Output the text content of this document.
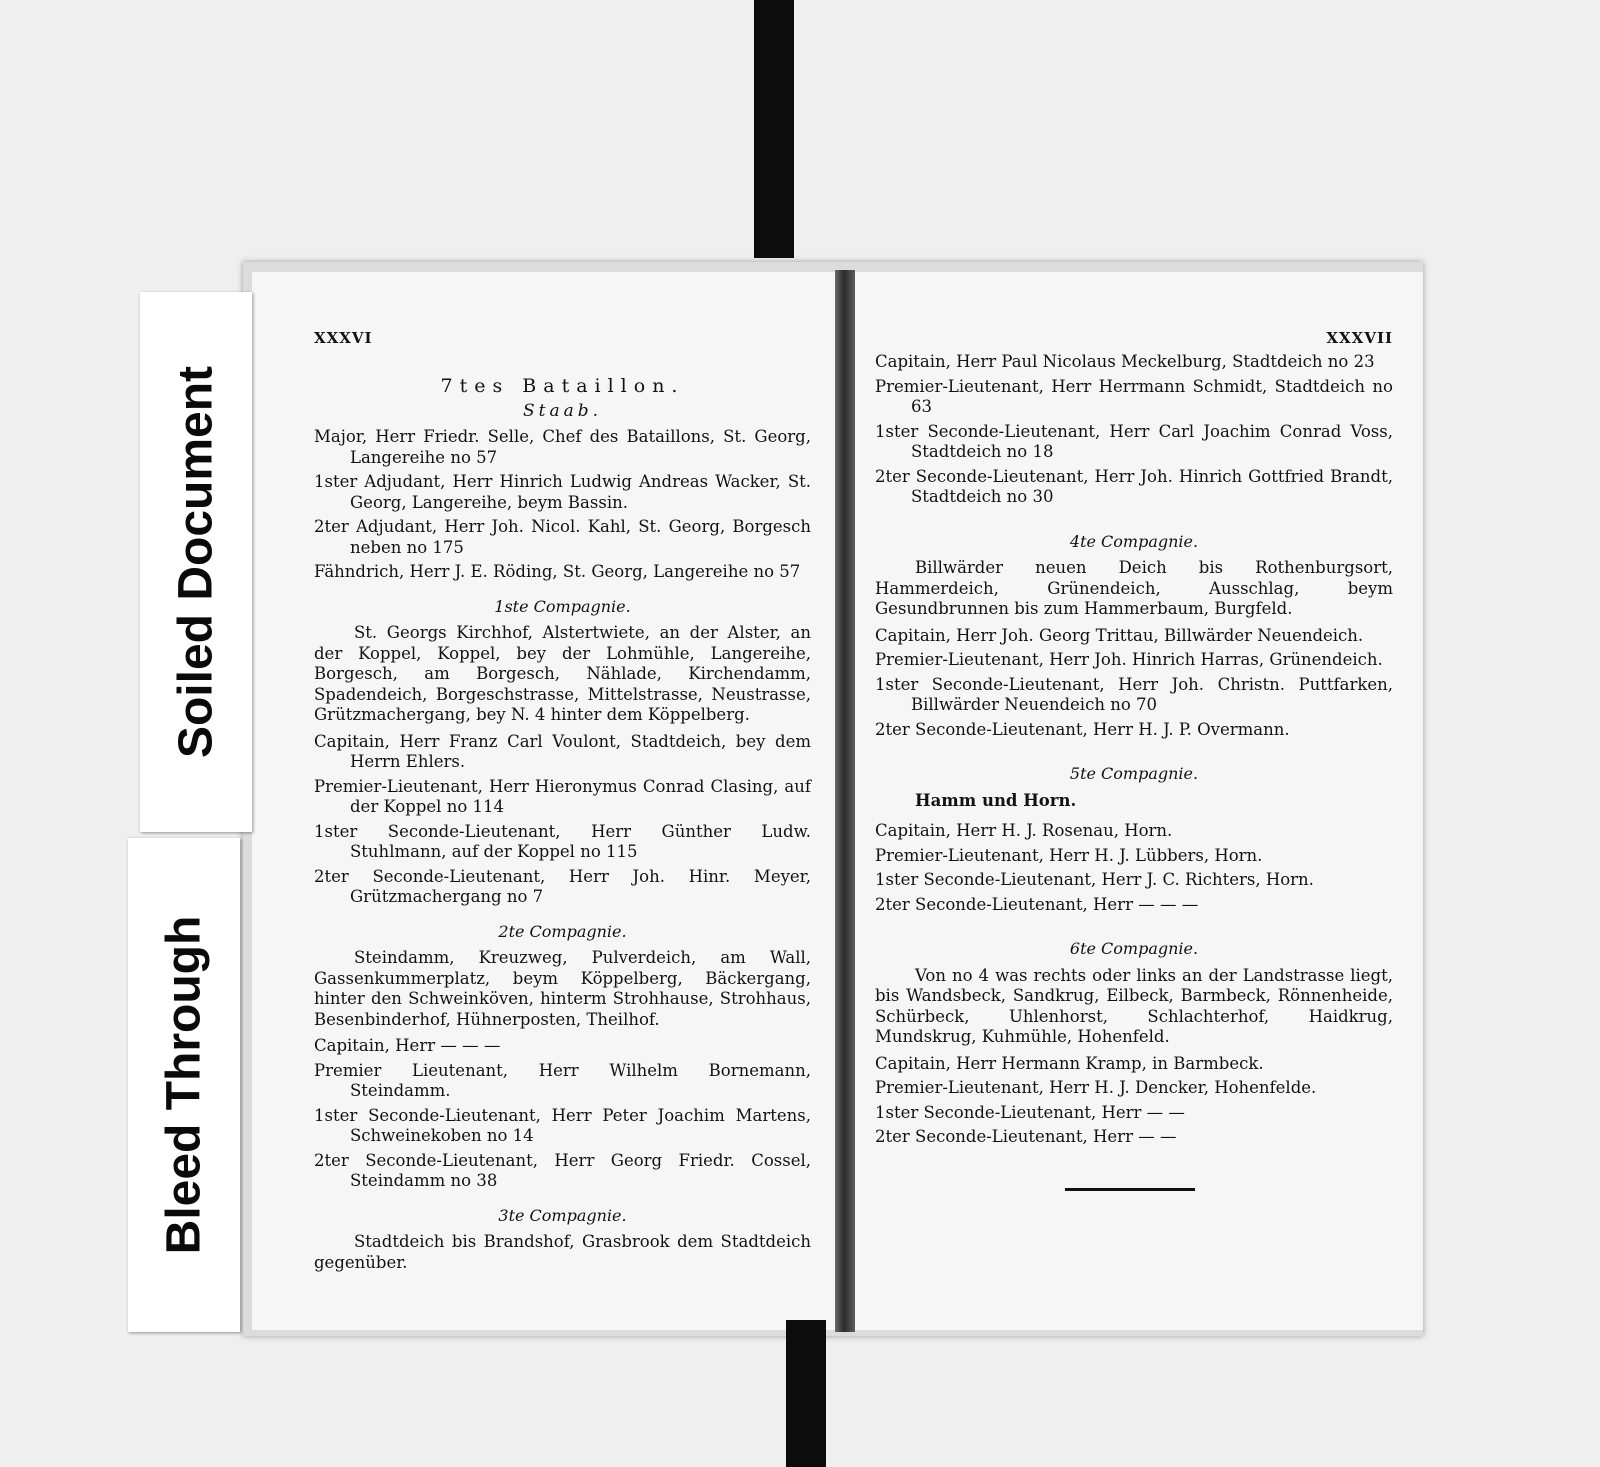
XXXVI

7tes Bataillon.

Staab.

Major, Herr Friedr. Selle, Chef des Bataillons, St. Georg, Langereihe no 57

1ster Adjudant, Herr Hinrich Ludwig Andreas Wacker, St. Georg, Langereihe, beym Bassin.

2ter Adjudant, Herr Joh. Nicol. Kahl, St. Georg, Borgesch neben no 175

Fähndrich, Herr J. E. Röding, St. Georg, Langereihe no 57

1ste Compagnie.

St. Georgs Kirchhof, Alstertwiete, an der Alster, an der Koppel, Koppel, bey der Lohmühle, Langereihe, Borgesch, am Borgesch, Nählade, Kirchendamm, Spadendeich, Borgeschstrasse, Mittelstrasse, Neustrasse, Grützmachergang, bey N. 4 hinter dem Köppelberg.

Capitain, Herr Franz Carl Voulont, Stadtdeich, bey dem Herrn Ehlers.

Premier-Lieutenant, Herr Hieronymus Conrad Clasing, auf der Koppel no 114

1ster Seconde-Lieutenant, Herr Günther Ludw. Stuhlmann, auf der Koppel no 115

2ter Seconde-Lieutenant, Herr Joh. Hinr. Meyer, Grützmachergang no 7

2te Compagnie.

Steindamm, Kreuzweg, Pulverdeich, am Wall, Gassenkummerplatz, beym Köppelberg, Bäckergang, hinter den Schweinköven, hinterm Strohhause, Strohhaus, Besenbinderhof, Hühnerposten, Theilhof.

Capitain, Herr — — —

Premier Lieutenant, Herr Wilhelm Bornemann, Steindamm.

1ster Seconde-Lieutenant, Herr Peter Joachim Martens, Schweinekoben no 14

2ter Seconde-Lieutenant, Herr Georg Friedr. Cossel, Steindamm no 38

3te Compagnie.

Stadtdeich bis Brandshof, Grasbrook dem Stadtdeich gegenüber.

XXXVII

Capitain, Herr Paul Nicolaus Meckelburg, Stadtdeich no 23

Premier-Lieutenant, Herr Herrmann Schmidt, Stadtdeich no 63

1ster Seconde-Lieutenant, Herr Carl Joachim Conrad Voss, Stadtdeich no 18

2ter Seconde-Lieutenant, Herr Joh. Hinrich Gottfried Brandt, Stadtdeich no 30

4te Compagnie.

Billwärder neuen Deich bis Rothenburgsort, Hammerdeich, Grünendeich, Ausschlag, beym Gesundbrunnen bis zum Hammerbaum, Burgfeld.

Capitain, Herr Joh. Georg Trittau, Billwärder Neuendeich.

Premier-Lieutenant, Herr Joh. Hinrich Harras, Grünendeich.

1ster Seconde-Lieutenant, Herr Joh. Christn. Puttfarken, Billwärder Neuendeich no 70

2ter Seconde-Lieutenant, Herr H. J. P. Overmann.

5te Compagnie.

Hamm und Horn.

Capitain, Herr H. J. Rosenau, Horn.

Premier-Lieutenant, Herr H. J. Lübbers, Horn.

1ster Seconde-Lieutenant, Herr J. C. Richters, Horn.

2ter Seconde-Lieutenant, Herr — — —

6te Compagnie.

Von no 4 was rechts oder links an der Landstrasse liegt, bis Wandsbeck, Sandkrug, Eilbeck, Barmbeck, Rönnenheide, Schürbeck, Uhlenhorst, Schlachterhof, Haidkrug, Mundskrug, Kuhmühle, Hohenfeld.

Capitain, Herr Hermann Kramp, in Barmbeck.

Premier-Lieutenant, Herr H. J. Dencker, Hohenfelde.

1ster Seconde-Lieutenant, Herr — —

2ter Seconde-Lieutenant, Herr — —

Soiled Document
Bleed Through
